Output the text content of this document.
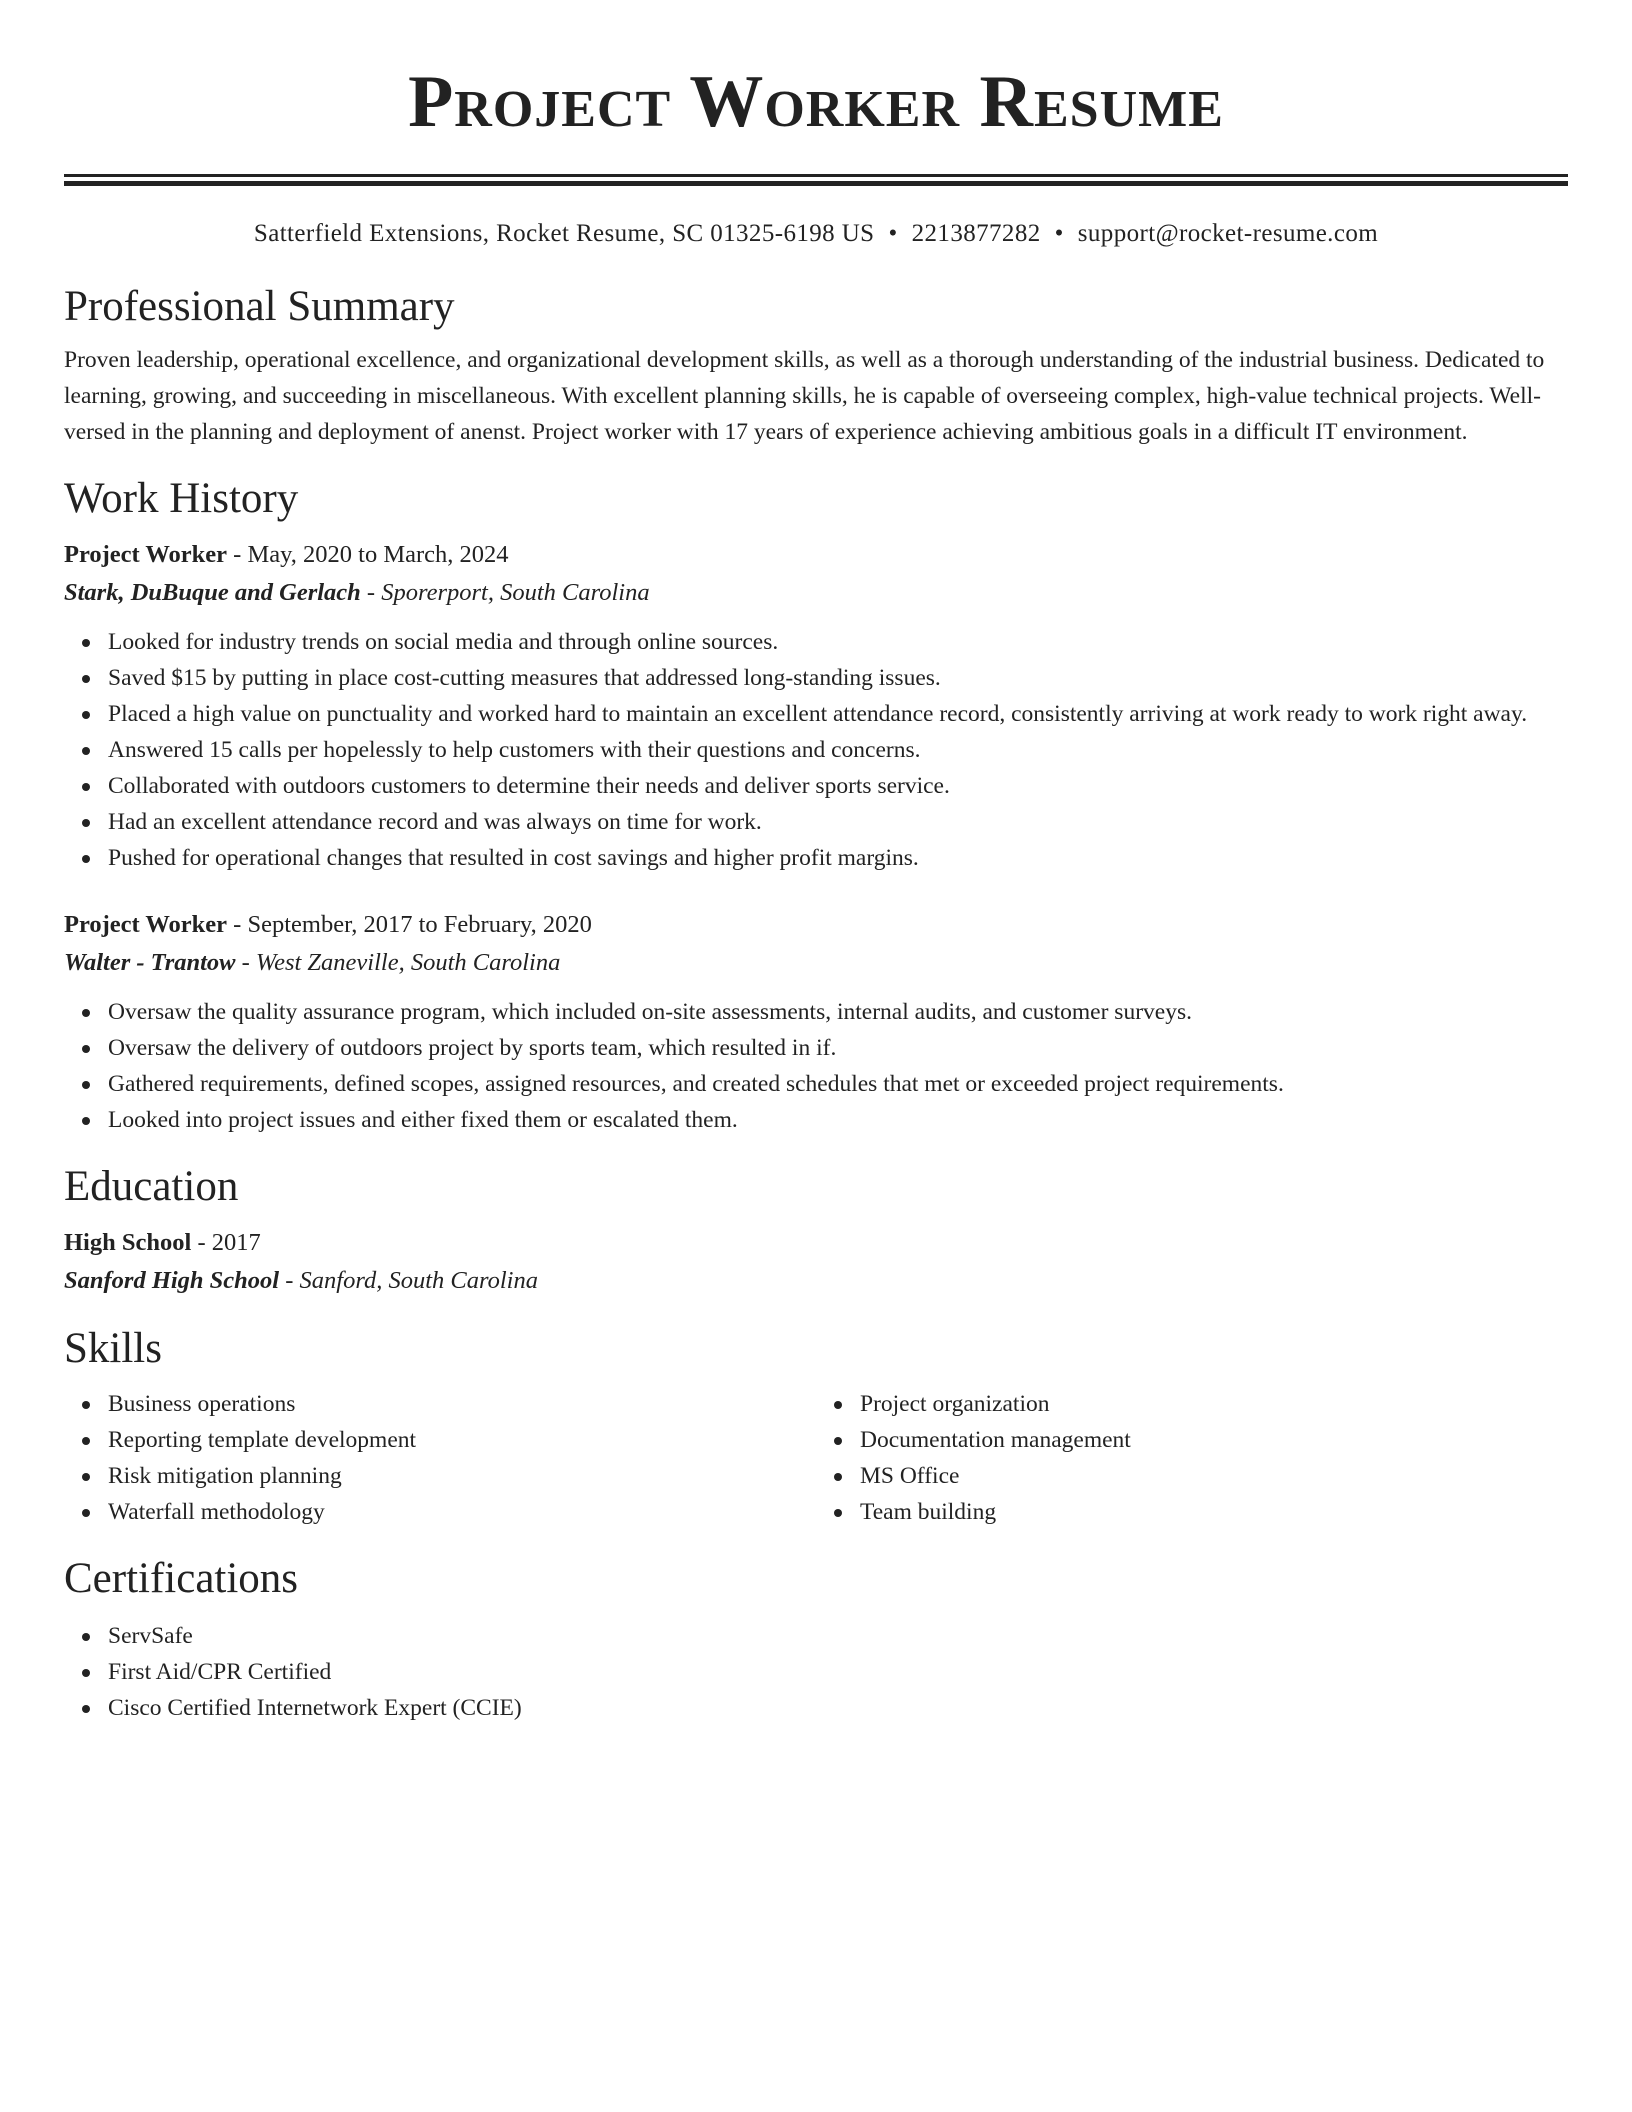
Project Worker Resume
Satterfield Extensions, Rocket Resume, SC 01325-6198 US • 2213877282 • support@rocket-resume.com
Professional Summary

Proven leadership, operational excellence, and organizational development skills, as well as a thorough understanding of the industrial business. Dedicated to learning, growing, and succeeding in miscellaneous. With excellent planning skills, he is capable of overseeing complex, high-value technical projects. Well-versed in the planning and deployment of anenst. Project worker with 17 years of experience achieving ambitious goals in a difficult IT environment.

Work History

Project Worker - May, 2020 to March, 2024

Stark, DuBuque and Gerlach - Sporerport, South Carolina

Looked for industry trends on social media and through online sources.
Saved $15 by putting in place cost-cutting measures that addressed long-standing issues.
Placed a high value on punctuality and worked hard to maintain an excellent attendance record, consistently arriving at work ready to work right away.
Answered 15 calls per hopelessly to help customers with their questions and concerns.
Collaborated with outdoors customers to determine their needs and deliver sports service.
Had an excellent attendance record and was always on time for work.
Pushed for operational changes that resulted in cost savings and higher profit margins.

Project Worker - September, 2017 to February, 2020

Walter - Trantow - West Zaneville, South Carolina

Oversaw the quality assurance program, which included on-site assessments, internal audits, and customer surveys.
Oversaw the delivery of outdoors project by sports team, which resulted in if.
Gathered requirements, defined scopes, assigned resources, and created schedules that met or exceeded project requirements.
Looked into project issues and either fixed them or escalated them.
Education

High School - 2017

Sanford High School - Sanford, South Carolina

Skills
Business operations
Reporting template development
Risk mitigation planning
Waterfall methodology
Project organization
Documentation management
MS Office
Team building
Certifications
ServSafe
First Aid/CPR Certified
Cisco Certified Internetwork Expert (CCIE)
